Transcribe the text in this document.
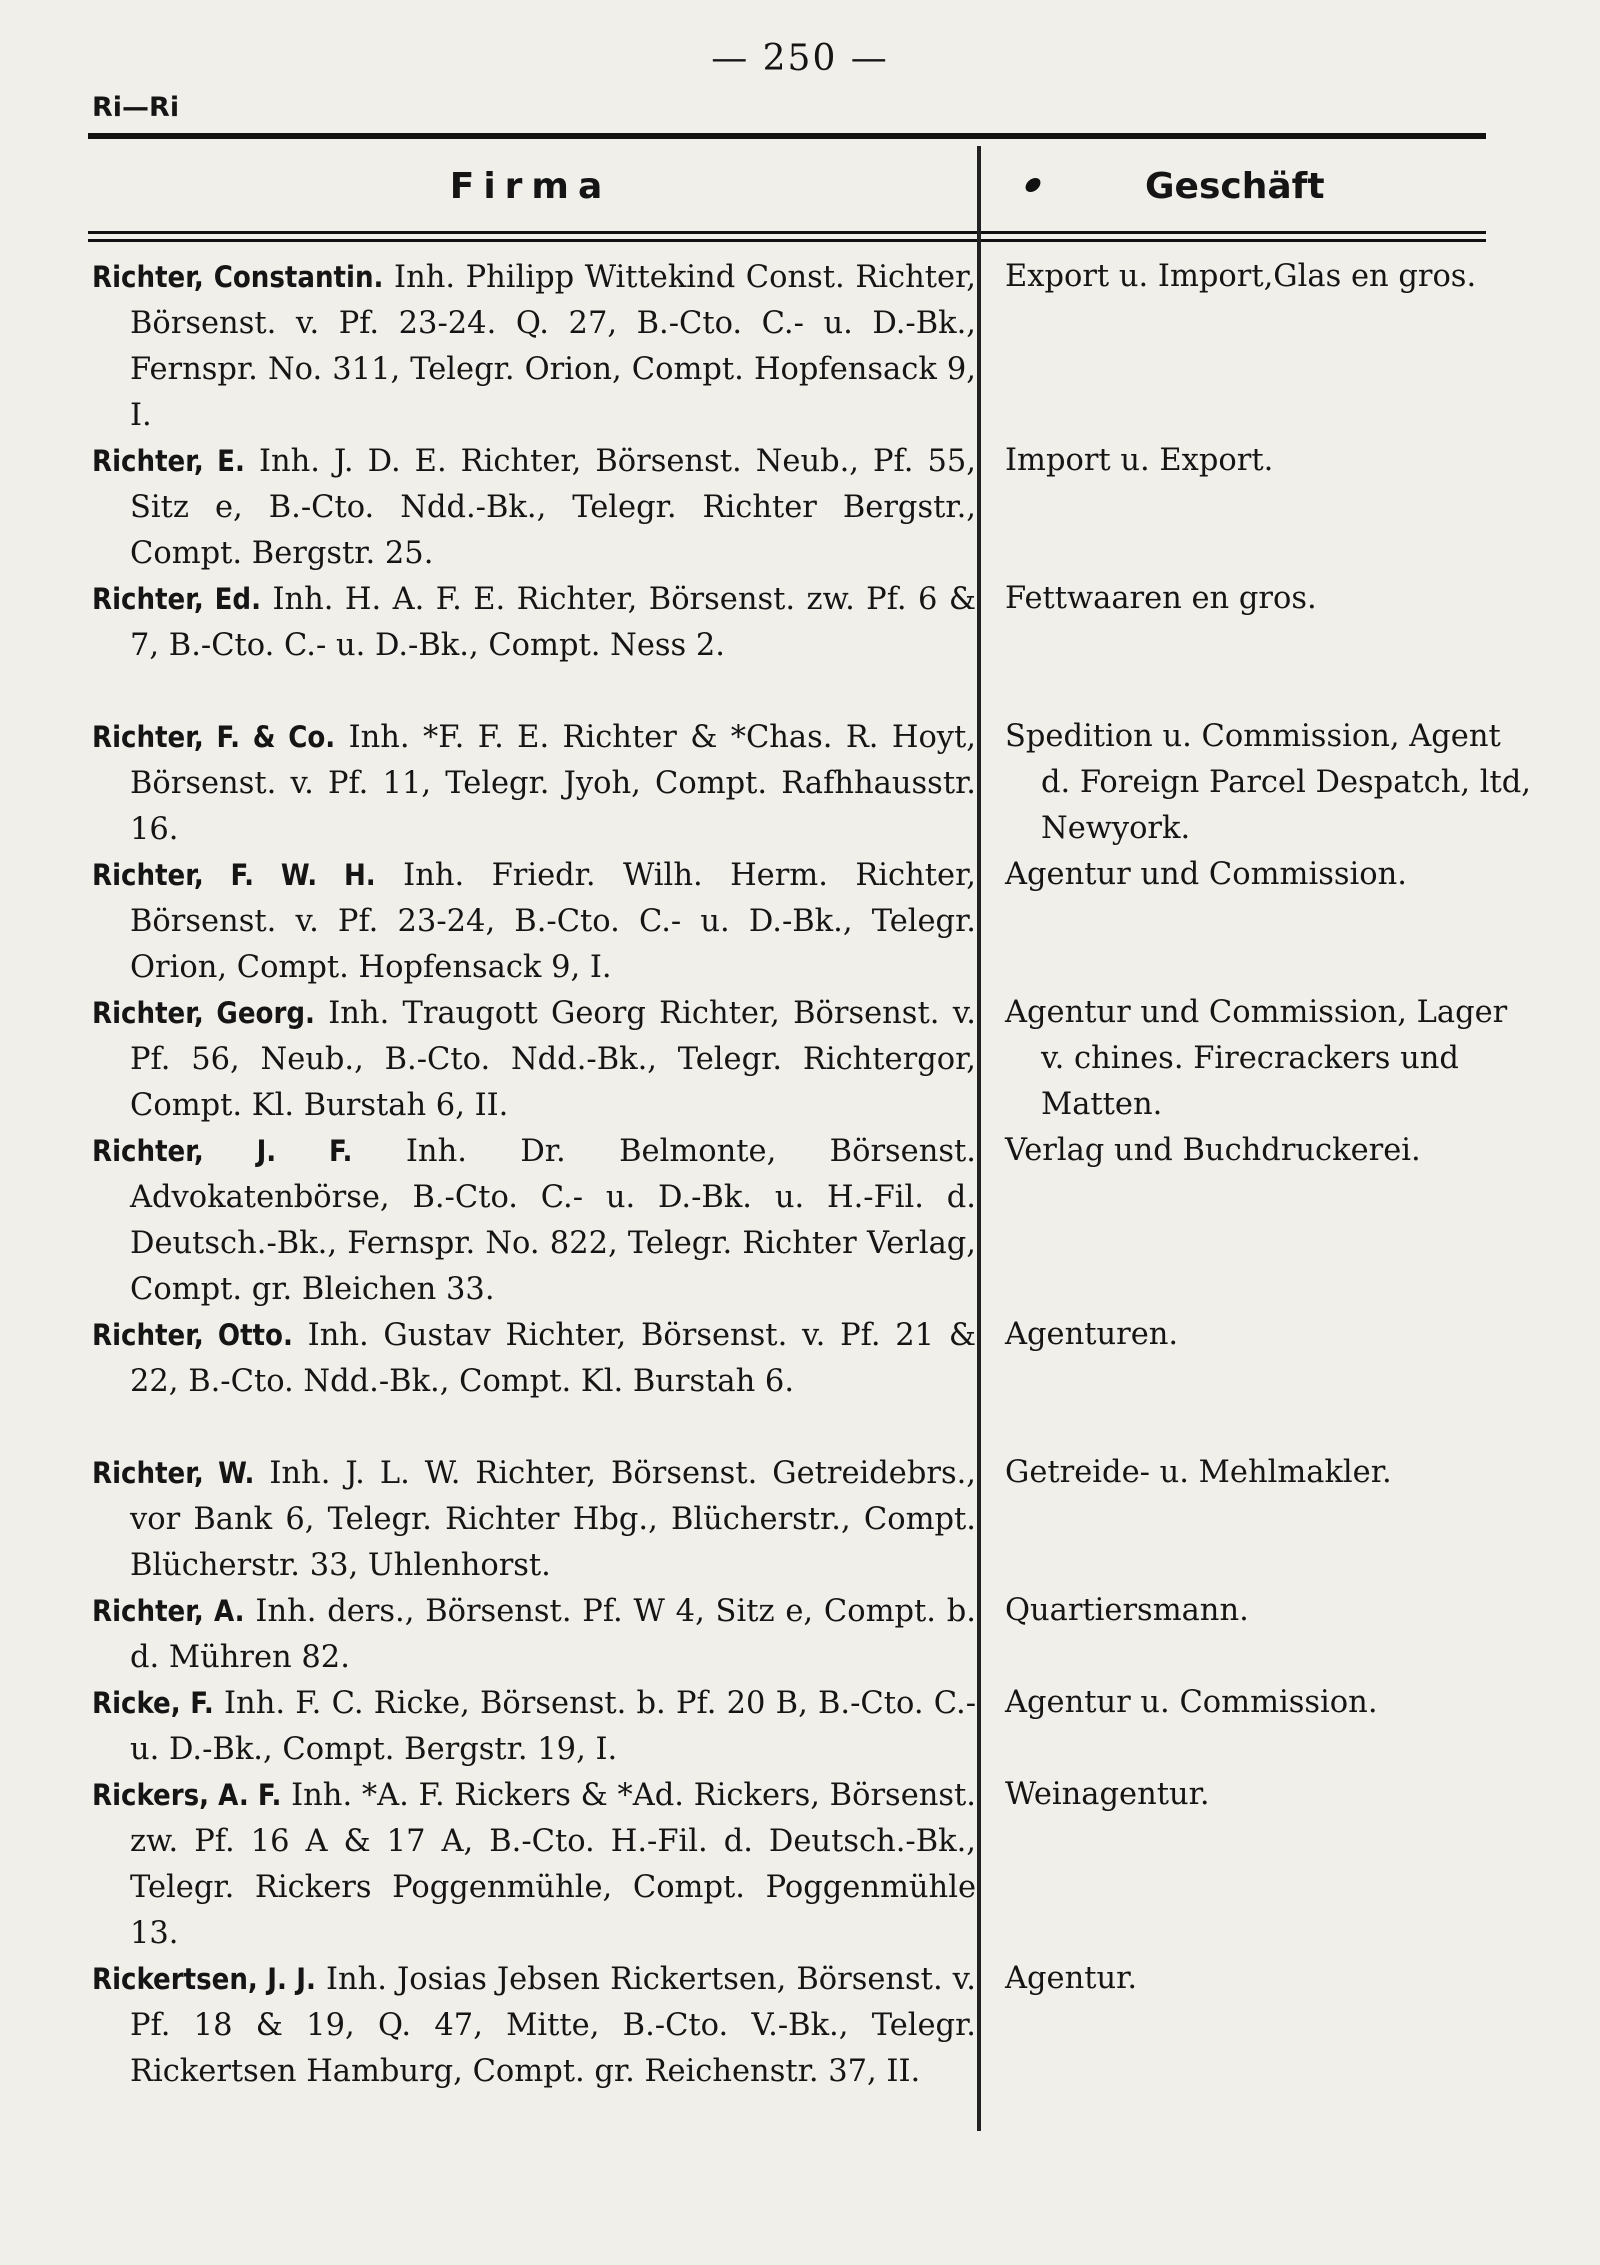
— 250 —
Ri—Ri
Firma	Geschäft
Richter, Constantin. Inh. Philipp Wittekind Const. Richter, Börsenst. v. Pf. 23-24. Q. 27, B.-Cto. C.- u. D.-Bk., Fernspr. No. 311, Telegr. Orion, Compt. Hopfensack 9, I.
Export u. Import,Glas en gros.
Richter, E. Inh. J. D. E. Richter, Börsenst. Neub., Pf. 55, Sitz e, B.-Cto. Ndd.-Bk., Telegr. Richter Bergstr., Compt. Bergstr. 25.
Import u. Export.
Richter, Ed. Inh. H. A. F. E. Richter, Börsenst. zw. Pf. 6 & 7, B.-Cto. C.- u. D.-Bk., Compt. Ness 2.
Fettwaaren en gros.
Richter, F. & Co. Inh. *F. F. E. Richter & *Chas. R. Hoyt, Börsenst. v. Pf. 11, Telegr. Jyoh, Compt. Rafhhausstr. 16.
Spedition u. Commission, Agent d. Foreign Parcel Despatch, ltd, Newyork.
Richter, F. W. H. Inh. Friedr. Wilh. Herm. Richter, Börsenst. v. Pf. 23-24, B.-Cto. C.- u. D.-Bk., Telegr. Orion, Compt. Hopfensack 9, I.
Agentur und Commission.
Richter, Georg. Inh. Traugott Georg Richter, Börsenst. v. Pf. 56, Neub., B.-Cto. Ndd.-Bk., Telegr. Richtergor, Compt. Kl. Burstah 6, II.
Agentur und Commission, Lager v. chines. Firecrackers und Matten.
Richter, J. F. Inh. Dr. Belmonte, Börsenst. Advokatenbörse, B.-Cto. C.- u. D.-Bk. u. H.-Fil. d. Deutsch.-Bk., Fernspr. No. 822, Telegr. Richter Verlag, Compt. gr. Bleichen 33.
Verlag und Buchdruckerei.
Richter, Otto. Inh. Gustav Richter, Börsenst. v. Pf. 21 & 22, B.-Cto. Ndd.-Bk., Compt. Kl. Burstah 6.
Agenturen.
Richter, W. Inh. J. L. W. Richter, Börsenst. Getreidebrs., vor Bank 6, Telegr. Richter Hbg., Blücherstr., Compt. Blücherstr. 33, Uhlenhorst.
Getreide- u. Mehlmakler.
Richter, A. Inh. ders., Börsenst. Pf. W 4, Sitz e, Compt. b. d. Mühren 82.
Quartiersmann.
Ricke, F. Inh. F. C. Ricke, Börsenst. b. Pf. 20 B, B.-Cto. C.- u. D.-Bk., Compt. Bergstr. 19, I.
Agentur u. Commission.
Rickers, A. F. Inh. *A. F. Rickers & *Ad. Rickers, Börsenst. zw. Pf. 16 A & 17 A, B.-Cto. H.-Fil. d. Deutsch.-Bk., Telegr. Rickers Poggenmühle, Compt. Poggenmühle 13.
Weinagentur.
Rickertsen, J. J. Inh. Josias Jebsen Rickertsen, Börsenst. v. Pf. 18 & 19, Q. 47, Mitte, B.-Cto. V.-Bk., Telegr. Rickertsen Hamburg, Compt. gr. Reichenstr. 37, II.
Agentur.
